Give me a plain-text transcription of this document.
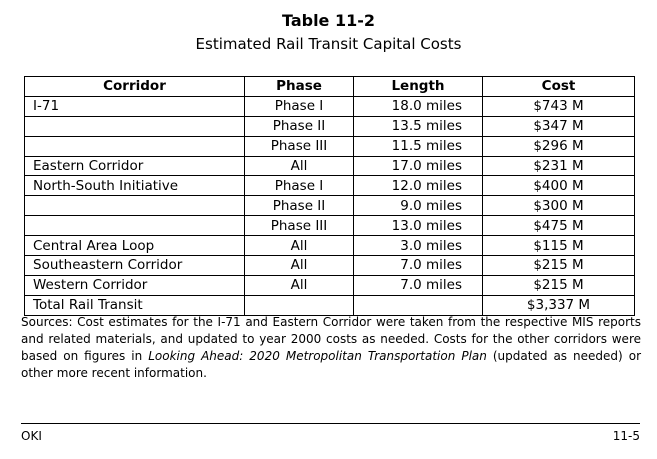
Table 11-2
Estimated Rail Transit Capital Costs
Corridor	Phase	Length	Cost
I-71	Phase I	18.0 miles	$743 M
	Phase II	13.5 miles	$347 M
	Phase III	11.5 miles	$296 M
Eastern Corridor	All	17.0 miles	$231 M
North-South Initiative	Phase I	12.0 miles	$400 M
	Phase II	9.0 miles	$300 M
	Phase III	13.0 miles	$475 M
Central Area Loop	All	3.0 miles	$115 M
Southeastern Corridor	All	7.0 miles	$215 M
Western Corridor	All	7.0 miles	$215 M
Total Rail Transit			$3,337 M
Sources: Cost estimates for the I-71 and Eastern Corridor were taken from the respective MIS reports and related materials, and updated to year 2000 costs as needed. Costs for the other corridors were based on figures in Looking Ahead: 2020 Metropolitan Transportation Plan (updated as needed) or other more recent information.
OKI	11-5
